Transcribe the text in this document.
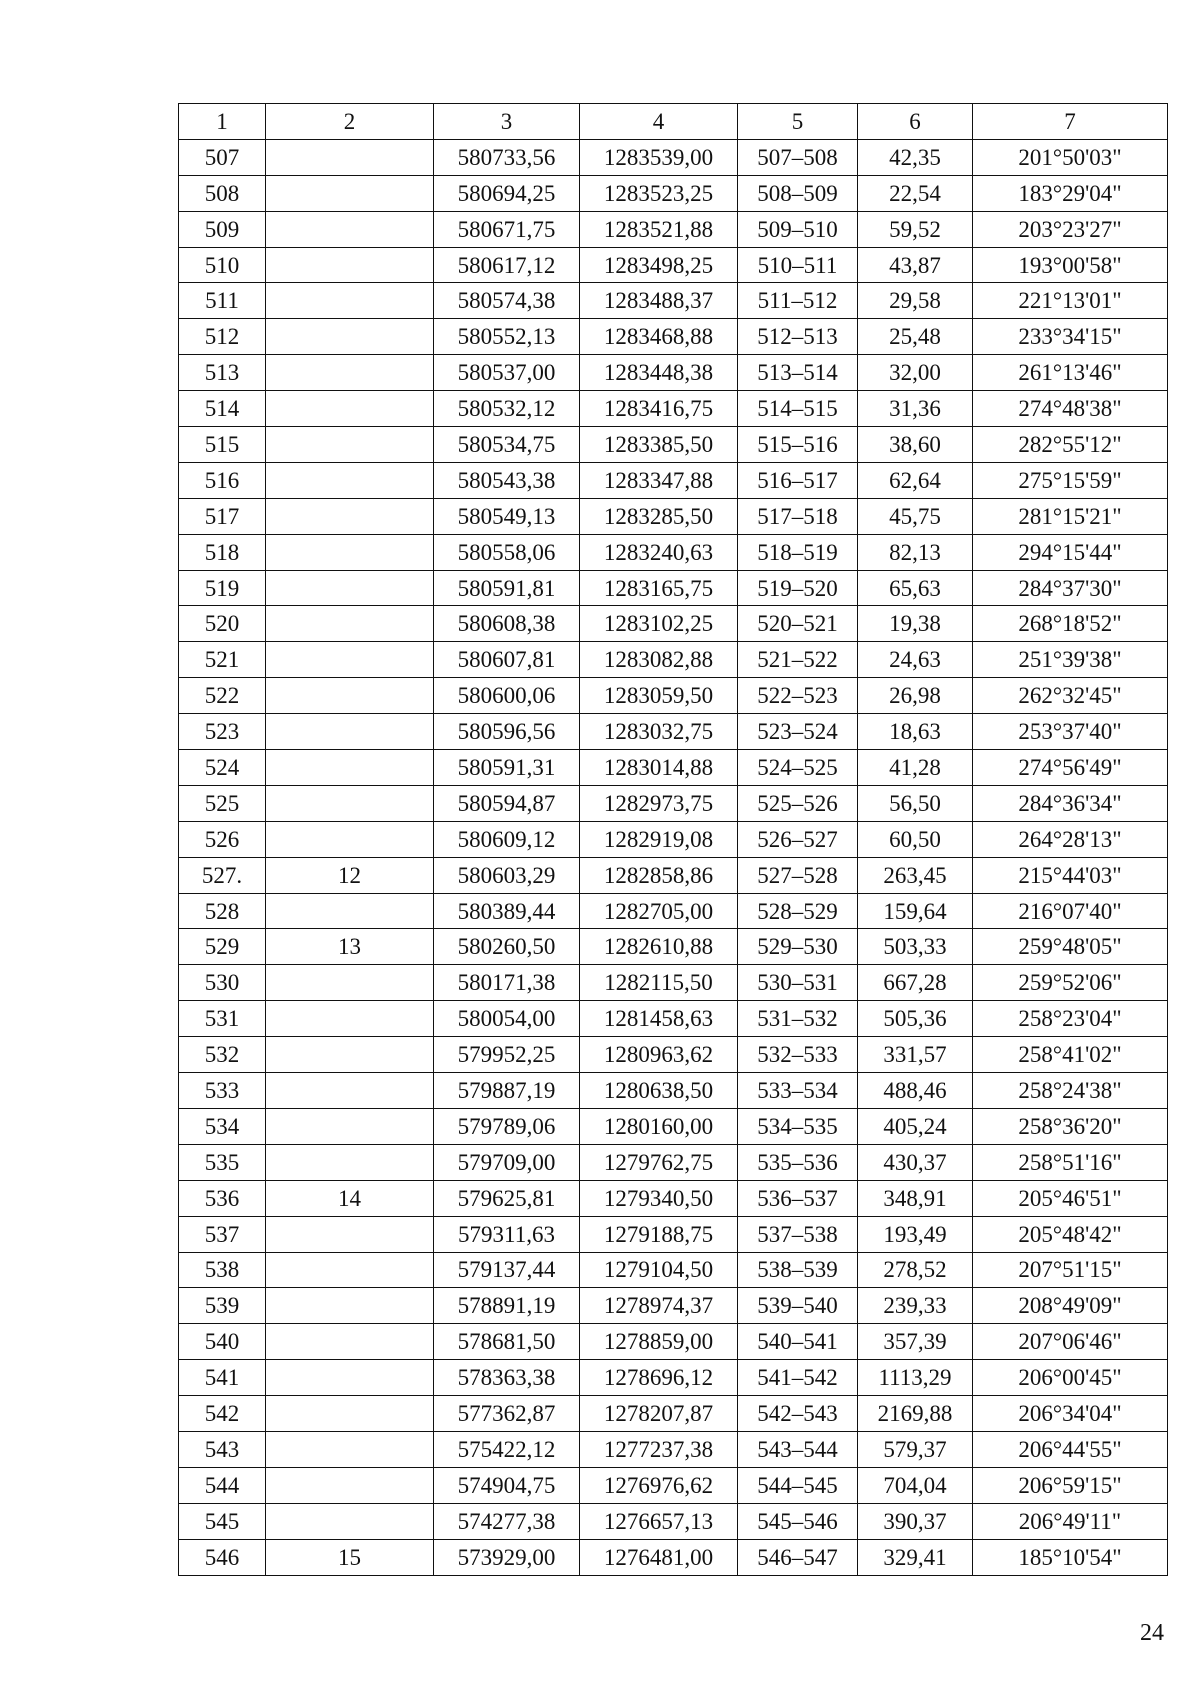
1	2	3	4	5	6	7
507		580733,56	1283539,00	507–508	42,35	201°50'03"
508		580694,25	1283523,25	508–509	22,54	183°29'04"
509		580671,75	1283521,88	509–510	59,52	203°23'27"
510		580617,12	1283498,25	510–511	43,87	193°00'58"
511		580574,38	1283488,37	511–512	29,58	221°13'01"
512		580552,13	1283468,88	512–513	25,48	233°34'15"
513		580537,00	1283448,38	513–514	32,00	261°13'46"
514		580532,12	1283416,75	514–515	31,36	274°48'38"
515		580534,75	1283385,50	515–516	38,60	282°55'12"
516		580543,38	1283347,88	516–517	62,64	275°15'59"
517		580549,13	1283285,50	517–518	45,75	281°15'21"
518		580558,06	1283240,63	518–519	82,13	294°15'44"
519		580591,81	1283165,75	519–520	65,63	284°37'30"
520		580608,38	1283102,25	520–521	19,38	268°18'52"
521		580607,81	1283082,88	521–522	24,63	251°39'38"
522		580600,06	1283059,50	522–523	26,98	262°32'45"
523		580596,56	1283032,75	523–524	18,63	253°37'40"
524		580591,31	1283014,88	524–525	41,28	274°56'49"
525		580594,87	1282973,75	525–526	56,50	284°36'34"
526		580609,12	1282919,08	526–527	60,50	264°28'13"
527.	12	580603,29	1282858,86	527–528	263,45	215°44'03"
528		580389,44	1282705,00	528–529	159,64	216°07'40"
529	13	580260,50	1282610,88	529–530	503,33	259°48'05"
530		580171,38	1282115,50	530–531	667,28	259°52'06"
531		580054,00	1281458,63	531–532	505,36	258°23'04"
532		579952,25	1280963,62	532–533	331,57	258°41'02"
533		579887,19	1280638,50	533–534	488,46	258°24'38"
534		579789,06	1280160,00	534–535	405,24	258°36'20"
535		579709,00	1279762,75	535–536	430,37	258°51'16"
536	14	579625,81	1279340,50	536–537	348,91	205°46'51"
537		579311,63	1279188,75	537–538	193,49	205°48'42"
538		579137,44	1279104,50	538–539	278,52	207°51'15"
539		578891,19	1278974,37	539–540	239,33	208°49'09"
540		578681,50	1278859,00	540–541	357,39	207°06'46"
541		578363,38	1278696,12	541–542	1113,29	206°00'45"
542		577362,87	1278207,87	542–543	2169,88	206°34'04"
543		575422,12	1277237,38	543–544	579,37	206°44'55"
544		574904,75	1276976,62	544–545	704,04	206°59'15"
545		574277,38	1276657,13	545–546	390,37	206°49'11"
546	15	573929,00	1276481,00	546–547	329,41	185°10'54"
24
